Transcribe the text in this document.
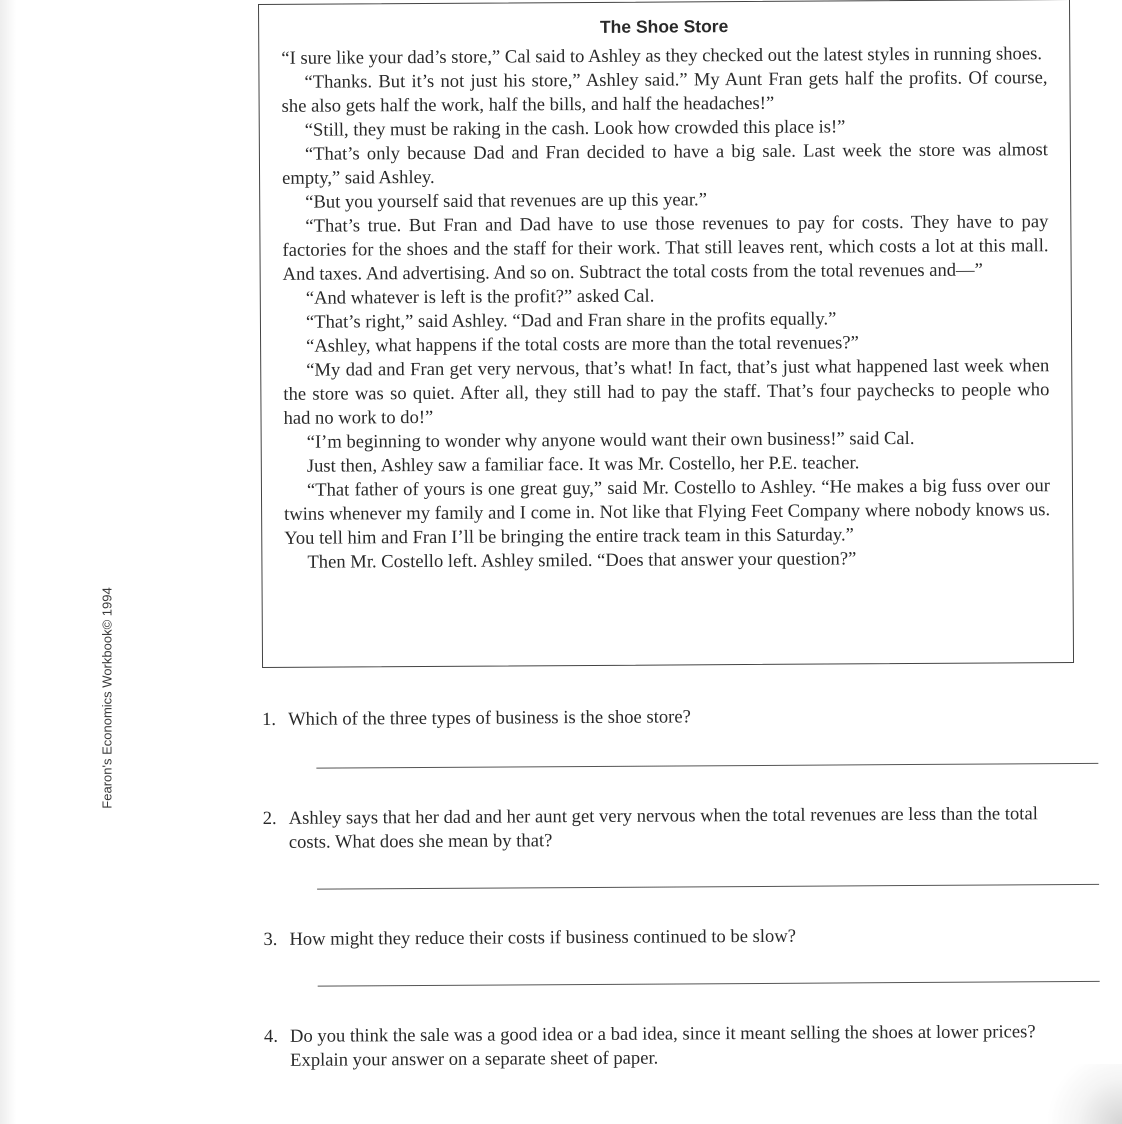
Fearon's Economics Workbook© 1994
The Shoe Store

“I sure like your dad’s store,” Cal said to Ashley as they checked out the latest styles in running shoes.

“Thanks. But it’s not just his store,” Ashley said.” My Aunt Fran gets half the profits. Of course, she also gets half the work, half the bills, and half the headaches!”

“Still, they must be raking in the cash. Look how crowded this place is!”

“That’s only because Dad and Fran decided to have a big sale. Last week the store was almost empty,” said Ashley.

“But you yourself said that revenues are up this year.”

“That’s true. But Fran and Dad have to use those revenues to pay for costs. They have to pay factories for the shoes and the staff for their work. That still leaves rent, which costs a lot at this mall. And taxes. And advertising. And so on. Subtract the total costs from the total revenues and—”

“And whatever is left is the profit?” asked Cal.

“That’s right,” said Ashley. “Dad and Fran share in the profits equally.”

“Ashley, what happens if the total costs are more than the total revenues?”

“My dad and Fran get very nervous, that’s what! In fact, that’s just what happened last week when the store was so quiet. After all, they still had to pay the staff. That’s four paychecks to people who had no work to do!”

“I’m beginning to wonder why anyone would want their own business!” said Cal.

Just then, Ashley saw a familiar face. It was Mr. Costello, her P.E. teacher.

“That father of yours is one great guy,” said Mr. Costello to Ashley. “He makes a big fuss over our twins whenever my family and I come in. Not like that Flying Feet Company where nobody knows us. You tell him and Fran I’ll be bringing the entire track team in this Saturday.”

Then Mr. Costello left. Ashley smiled. “Does that answer your question?”

1. Which of the three types of business is the shoe store?
2. Ashley says that her dad and her aunt get very nervous when the total revenues are less than the total costs. What does she mean by that?
3. How might they reduce their costs if business continued to be slow?
4. Do you think the sale was a good idea or a bad idea, since it meant selling the shoes at lower prices? Explain your answer on a separate sheet of paper.
